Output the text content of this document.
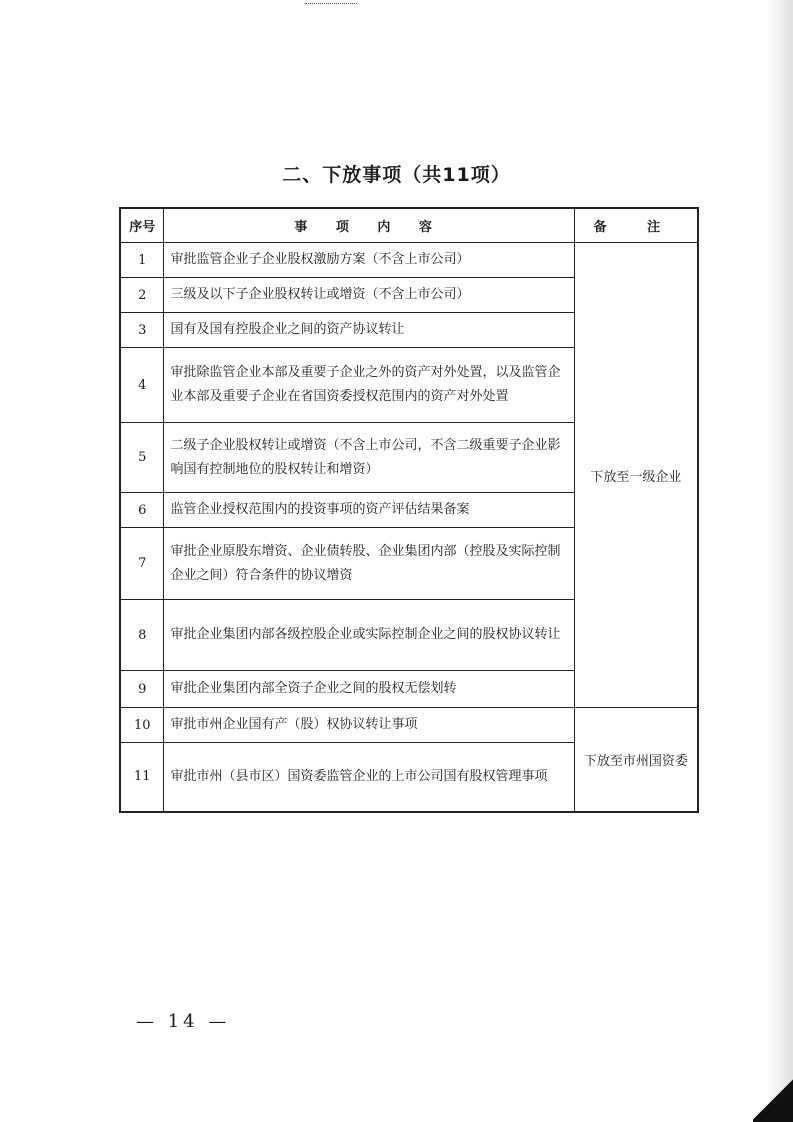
二、下放事项（共11项）
序号	事 项 内 容	备 注
1	审批监管企业子企业股权激励方案（不含上市公司）	下放至一级企业
2	三级及以下子企业股权转让或增资（不含上市公司）	
3	国有及国有控股企业之间的资产协议转让	
4	审批除监管企业本部及重要子企业之外的资产对外处置，以及监管企业本部及重要子企业在省国资委授权范围内的资产对外处置	
5	二级子企业股权转让或增资（不含上市公司，不含二级重要子企业影响国有控制地位的股权转让和增资）	
6	监管企业授权范围内的投资事项的资产评估结果备案	
7	审批企业原股东增资、企业债转股、企业集团内部（控股及实际控制企业之间）符合条件的协议增资	
8	审批企业集团内部各级控股企业或实际控制企业之间的股权协议转让	
9	审批企业集团内部全资子企业之间的股权无偿划转	
10	审批市州企业国有产（股）权协议转让事项	下放至市州国资委
11	审批市州（县市区）国资委监管企业的上市公司国有股权管理事项	
— 14 —
